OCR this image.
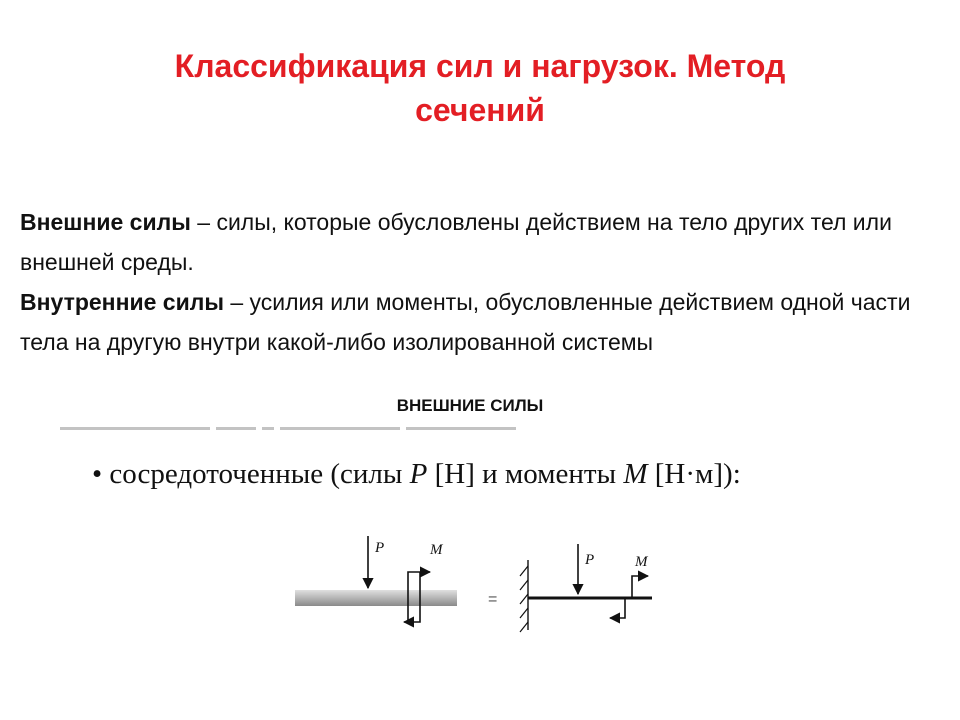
Классификация сил и нагрузок. Метод
сечений

Внешние силы – силы, которые обусловлены действием на тело других тел или внешней среды.

Внутренние силы – усилия или моменты, обусловленные действием одной части тела на другую внутри какой-либо изолированной системы

ВНЕШНИЕ СИЛЫ
• сосредоточенные (силы P [Н] и моменты M [Н·м]):
P	M
=
P	M
